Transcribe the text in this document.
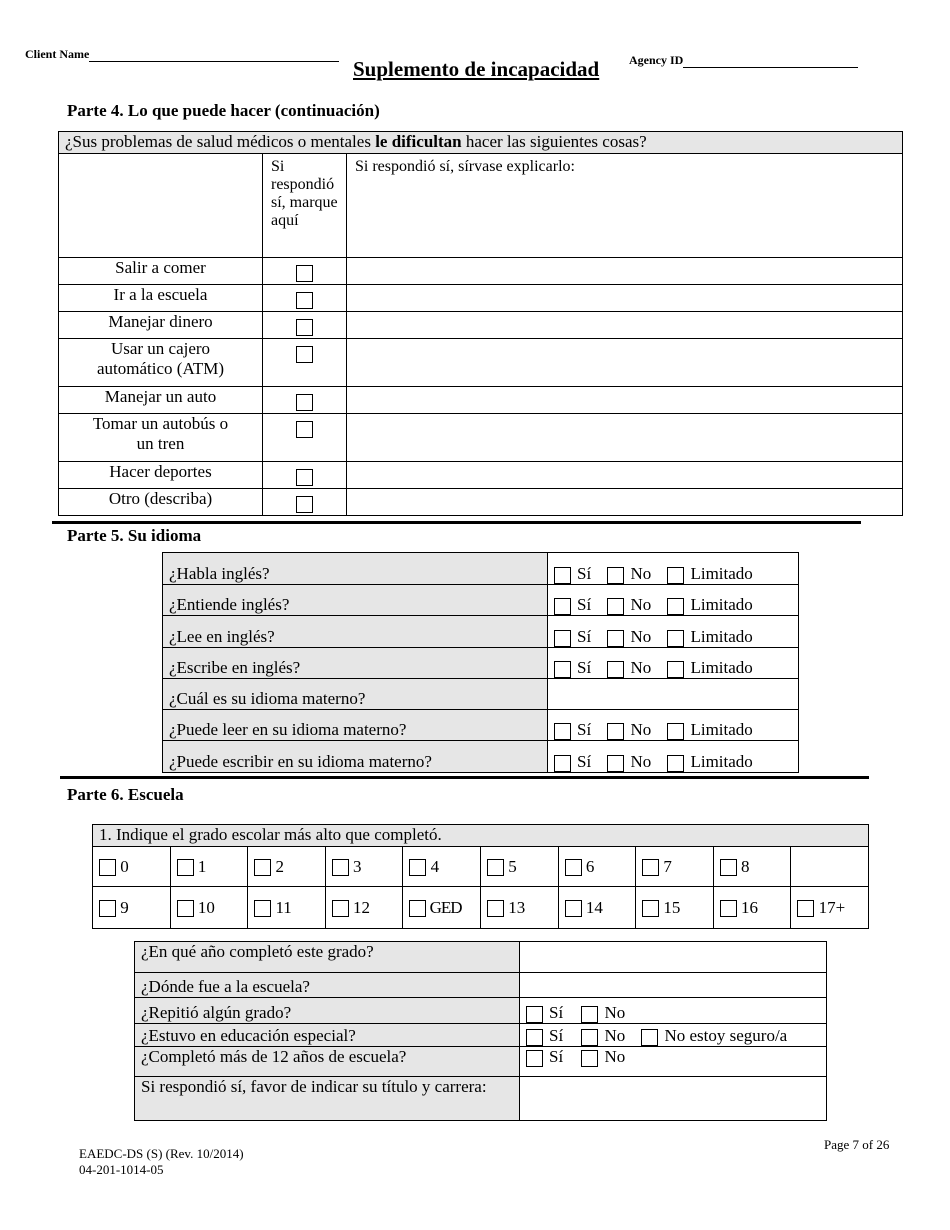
Client Name
Suplemento de incapacidad Agency ID
Parte 4. Lo que puede hacer (continuación)
¿Sus problemas de salud médicos o mentales le dificultan hacer las siguientes cosas?		
	Si respondió sí, marque aquí	Si respondió sí, sírvase explicarlo:
Salir a comer		
Ir a la escuela		
Manejar dinero		
Usar un cajero automático (ATM)		
Manejar un auto		
Tomar un autobús o un tren		
Hacer deportes		
Otro (describa)		
Parte 5. Su idioma
¿Habla inglés?	Sí No Limitado
¿Entiende inglés?	Sí No Limitado
¿Lee en inglés?	Sí No Limitado
¿Escribe en inglés?	Sí No Limitado
¿Cuál es su idioma materno?	
¿Puede leer en su idioma materno?	Sí No Limitado
¿Puede escribir en su idioma materno?	Sí No Limitado
Parte 6. Escuela
1. Indique el grado escolar más alto que completó.									
0	1	2	3	4	5	6	7	8	
9	10	11	12	GED	13	14	15	16	17+
¿En qué año completó este grado?	
¿Dónde fue a la escuela?	
¿Repitió algún grado?	Sí No
¿Estuvo en educación especial?	Sí No No estoy seguro/a
¿Completó más de 12 años de escuela?	Sí No
Si respondió sí, favor de indicar su título y carrera:	
EAEDC-DS (S) (Rev. 10/2014)
04-201-1014-05
Page 7 of 26
